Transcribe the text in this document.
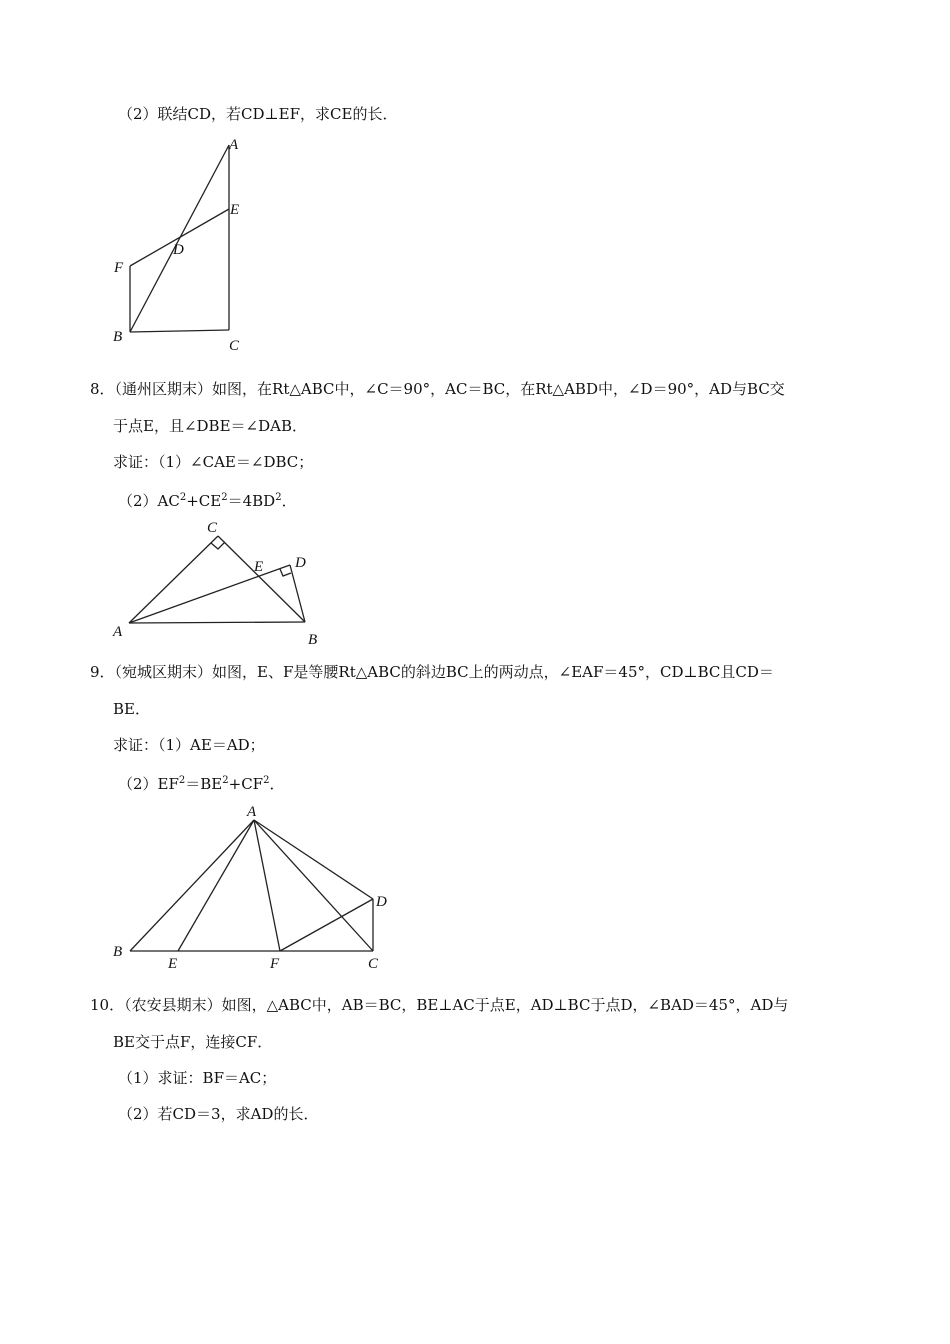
（2）联结CD，若CD⊥EF，求CE的长．
A
E
D
F
B
C
8．（通州区期末）如图，在Rt△ABC中，∠C＝90°，AC＝BC，在Rt△ABD中，∠D＝90°，AD与BC交
于点E，且∠DBE＝∠DAB．
求证：（1）∠CAE＝∠DBC；
$(2)AC^2+CE^2=4BD^2$．
C
E D
A	B
9．（宛城区期末）如图，E、F是等腰Rt△ABC的斜边BC上的两动点，∠EAF＝45°，CD⊥BC且CD＝
BE．
求证：（1）AE＝AD；
$(2)EF^2=BE^2+CF^2$．
A
D
B
E	F	C
10．（农安县期末）如图，△ABC中，AB＝BC，BE⊥AC于点E，AD⊥BC于点D，∠BAD＝45°，AD与
BE交于点F，连接CF．
（1）求证：BF＝AC；
（2）若CD＝3，求AD的长．
